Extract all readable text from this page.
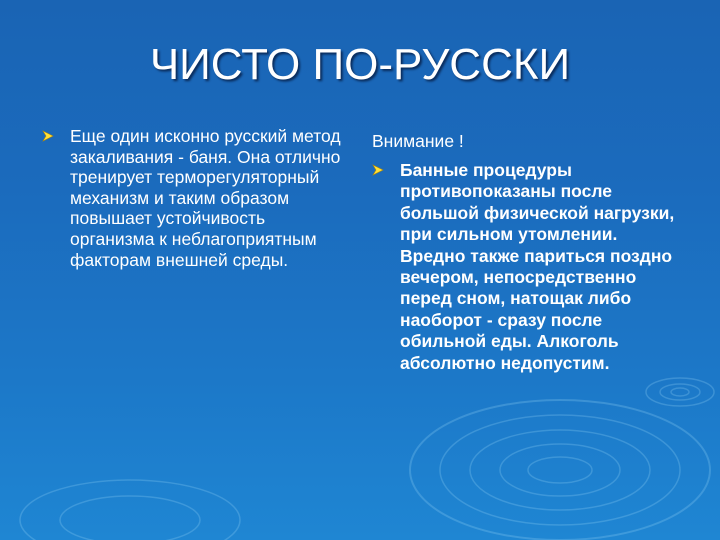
ЧИСТО ПО-РУССКИ
Еще один исконно русский метод закаливания - баня. Она отлично тренирует терморегуляторный механизм и таким образом повышает устойчивость организма к неблагоприятным факторам внешней среды.
Внимание !
Банные процедуры противопоказаны после большой физической нагрузки, при сильном утомлении. Вредно также париться поздно вечером, непосредственно перед сном, натощак либо наоборот - сразу после обильной еды. Алкоголь абсолютно недопустим.
